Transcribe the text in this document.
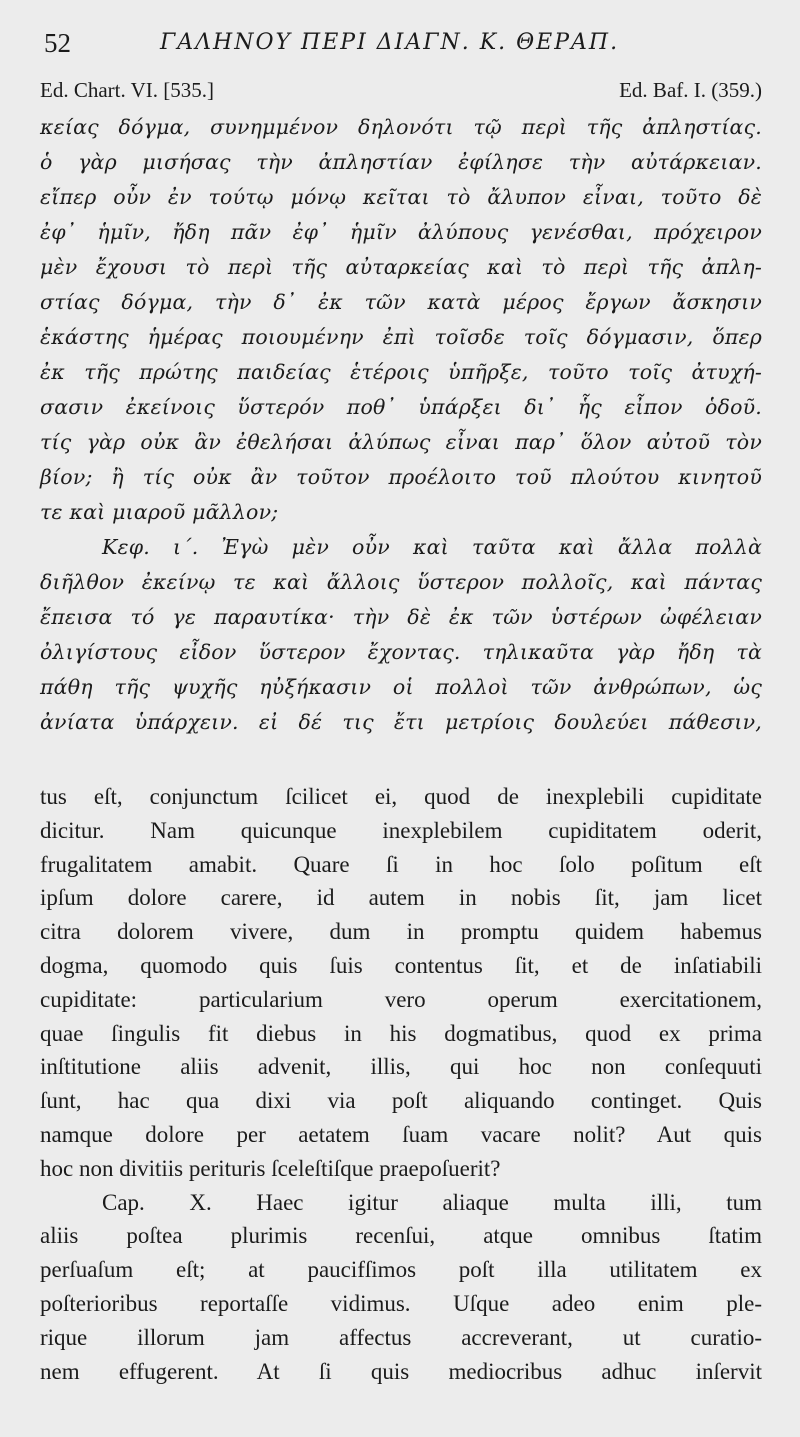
52	ΓΑΛΗΝΟΥ ΠΕΡΙ ΔΙΑΓΝ. Κ. ΘΕΡΑΠ.
Ed. Chart. VI. [535.]	Ed. Baf. I. (359.)
κείας δόγμα, συνημμένον δηλονότι τῷ περὶ τῆς ἀπληστίας.
ὁ γὰρ μισήσας τὴν ἀπληστίαν ἐφίλησε τὴν αὐτάρκειαν.
εἴπερ οὖν ἐν τούτῳ μόνῳ κεῖται τὸ ἄλυπον εἶναι, τοῦτο δὲ
ἐφ᾽ ἡμῖν, ἤδη πᾶν ἐφ᾽ ἡμῖν ἀλύπους γενέσθαι, πρόχειρον
μὲν ἔχουσι τὸ περὶ τῆς αὐταρκείας καὶ τὸ περὶ τῆς ἀπλη-
στίας δόγμα, τὴν δ᾽ ἐκ τῶν κατὰ μέρος ἔργων ἄσκησιν
ἑκάστης ἡμέρας ποιουμένην ἐπὶ τοῖσδε τοῖς δόγμασιν, ὅπερ
ἐκ τῆς πρώτης παιδείας ἑτέροις ὑπῆρξε, τοῦτο τοῖς ἀτυχή-
σασιν ἐκείνοις ὕστερόν ποθ᾽ ὑπάρξει δι᾽ ἧς εἶπον ὁδοῦ.
τίς γὰρ οὐκ ἂν ἐθελήσαι ἀλύπως εἶναι παρ᾽ ὅλον αὐτοῦ τὸν
βίον; ἢ τίς οὐκ ἂν τοῦτον προέλοιτο τοῦ πλούτου κινητοῦ
τε καὶ μιαροῦ μᾶλλον;
Κεφ. ι΄. Ἐγὼ μὲν οὖν καὶ ταῦτα καὶ ἄλλα πολλὰ
διῆλθον ἐκείνῳ τε καὶ ἄλλοις ὕστερον πολλοῖς, καὶ πάντας
ἔπεισα τό γε παραυτίκα· τὴν δὲ ἐκ τῶν ὑστέρων ὠφέλειαν
ὀλιγίστους εἶδον ὕστερον ἔχοντας. τηλικαῦτα γὰρ ἤδη τὰ
πάθη τῆς ψυχῆς ηὐξήκασιν οἱ πολλοὶ τῶν ἀνθρώπων, ὡς
ἀνίατα ὑπάρχειν. εἰ δέ τις ἔτι μετρίοις δουλεύει πάθεσιν,
tus eſt, conjunctum ſcilicet ei, quod de inexplebili cupiditate
dicitur. Nam quicunque inexplebilem cupiditatem oderit,
frugalitatem amabit. Quare ſi in hoc ſolo poſitum eſt
ipſum dolore carere, id autem in nobis ſit, jam licet
citra dolorem vivere, dum in promptu quidem habemus
dogma, quomodo quis ſuis contentus ſit, et de inſatiabili
cupiditate: particularium vero operum exercitationem,
quae ſingulis fit diebus in his dogmatibus, quod ex prima
inſtitutione aliis advenit, illis, qui hoc non conſequuti
ſunt, hac qua dixi via poſt aliquando continget. Quis
namque dolore per aetatem ſuam vacare nolit? Aut quis
hoc non divitiis perituris ſceleſtiſque praepoſuerit?
Cap. X. Haec igitur aliaque multa illi, tum
aliis poſtea plurimis recenſui, atque omnibus ſtatim
perſuaſum eſt; at paucifſimos poſt illa utilitatem ex
poſterioribus reportaſſe vidimus. Uſque adeo enim ple-
rique illorum jam affectus accreverant, ut curatio-
nem effugerent. At ſi quis mediocribus adhuc inſervit
